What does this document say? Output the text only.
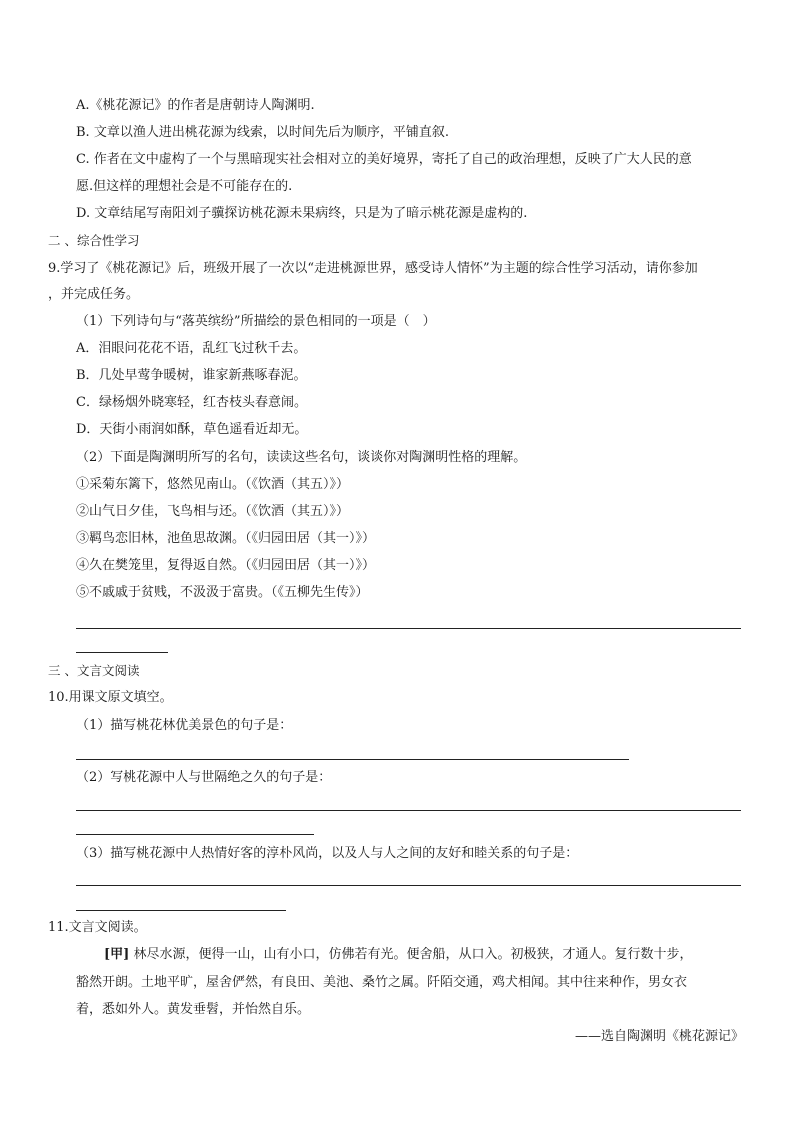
A.《桃花源记》的作者是唐朝诗人陶渊明.
B. 文章以渔人进出桃花源为线索，以时间先后为顺序，平铺直叙.
C. 作者在文中虚构了一个与黑暗现实社会相对立的美好境界，寄托了自己的政治理想，反映了广大人民的意
愿.但这样的理想社会是不可能存在的.
D. 文章结尾写南阳刘子骥探访桃花源未果病终，只是为了暗示桃花源是虚构的.
二 、综合性学习
9.学习了《桃花源记》后，班级开展了一次以“走进桃源世界，感受诗人情怀”为主题的综合性学习活动，请你参加
，并完成任务。
（1）下列诗句与“落英缤纷”所描绘的景色相同的一项是（　）
A．泪眼问花花不语，乱红飞过秋千去。
B．几处早莺争暖树，谁家新燕啄春泥。
C．绿杨烟外晓寒轻，红杏枝头春意闹。
D．天街小雨润如酥，草色遥看近却无。
（2）下面是陶渊明所写的名句，读读这些名句，谈谈你对陶渊明性格的理解。
①采菊东篱下，悠然见南山。（《饮酒（其五）》）
②山气日夕佳，飞鸟相与还。（《饮酒（其五）》）
③羁鸟恋旧林，池鱼思故渊。（《归园田居（其一）》）
④久在樊笼里，复得返自然。（《归园田居（其一）》）
⑤不戚戚于贫贱，不汲汲于富贵。（《五柳先生传》）
三 、文言文阅读
10.用课文原文填空。
（1）描写桃花林优美景色的句子是：
（2）写桃花源中人与世隔绝之久的句子是：
（3）描写桃花源中人热情好客的淳朴风尚，以及人与人之间的友好和睦关系的句子是：
11.文言文阅读。
[甲] 林尽水源，便得一山，山有小口，仿佛若有光。便舍船，从口入。初极狭，才通人。复行数十步，
豁然开朗。土地平旷，屋舍俨然，有良田、美池、桑竹之属。阡陌交通，鸡犬相闻。其中往来种作，男女衣
着，悉如外人。黄发垂髫，并怡然自乐。
——选自陶渊明《桃花源记》
